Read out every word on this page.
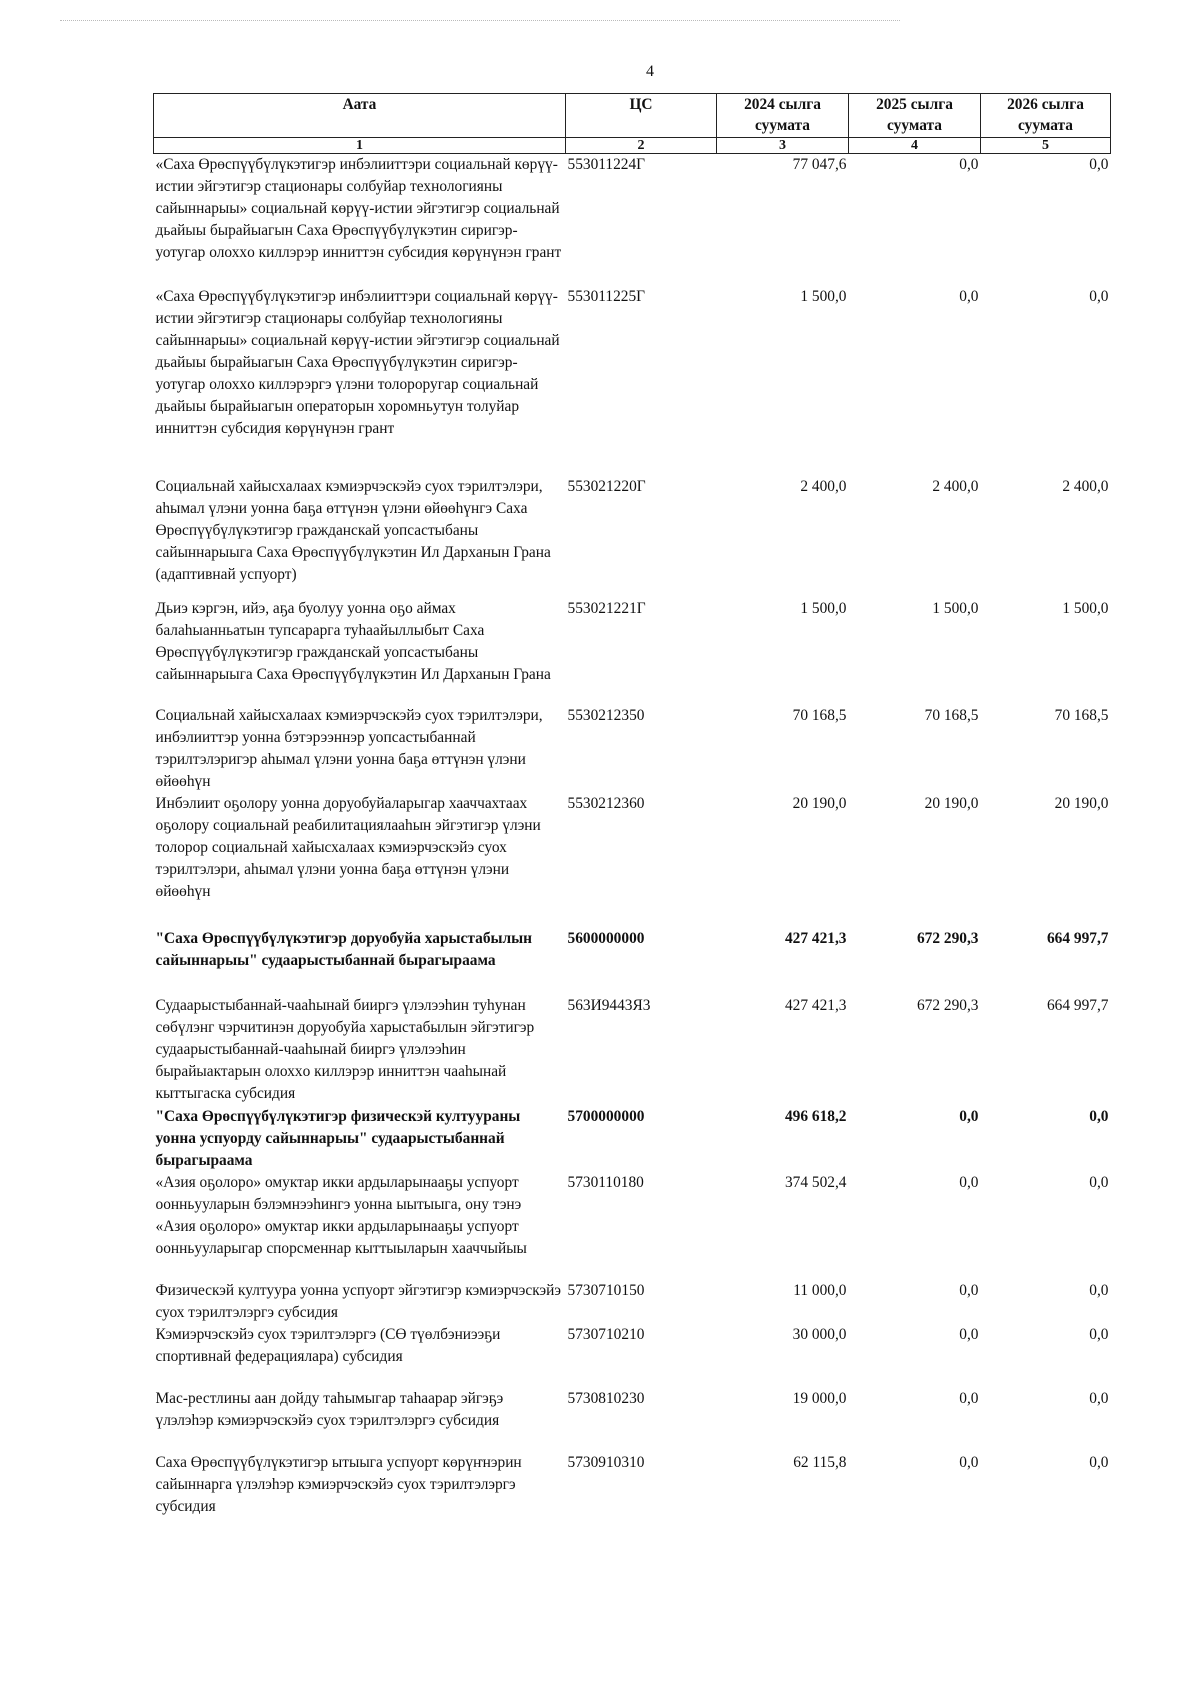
4
Аата	ЦС	2024 сылга суумата	2025 сылга суумата	2026 сылга суумата
1	2	3	4	5
«Саха Өрөспүүбүлүкэтигэр инбэлииттэри социальнай көрүү-истии эйгэтигэр стационары солбуйар технологияны сайыннарыы» социальнай көрүү-истии эйгэтигэр социальнай дьайыы бырайыагын Саха Өрөспүүбүлүкэтин сиригэр-уотугар олохxo киллэрэр инниттэн субсидия көрүнүнэн грант	553011224Г	77 047,6	0,0	0,0
«Саха Өрөспүүбүлүкэтигэр инбэлииттэри социальнай көрүү-истии эйгэтигэр стационары солбуйар технологияны сайыннарыы» социальнай көрүү-истии эйгэтигэр социальнай дьайыы бырайыагын Саха Өрөспүүбүлүкэтин сиригэр-уотугар олохxo киллэрэргэ үлэни толороругар социальнай дьайыы бырайыагын операторын хоромньутун толуйар инниттэн субсидия көрүнүнэн грант	553011225Г	1 500,0	0,0	0,0
Социальнай хайысхалаах кэмиэрчэскэйэ суох тэрилтэлэри, аһымал үлэни уонна баҕа өттүнэн үлэни өйөөһүнгэ Саха Өрөспүүбүлүкэтигэр гражданскай уопсастыбаны сайыннарыыга Саха Өрөспүүбүлүкэтин Ил Дарханын Грана (адаптивнай успуорт)	553021220Г	2 400,0	2 400,0	2 400,0
Дьиэ кэргэн, ийэ, аҕа буолуу уонна оҕо аймах балаһыанньатын тупсарарга туһаайыллыбыт Саха Өрөспүүбүлүкэтигэр гражданскай уопсастыбаны сайыннарыыга Саха Өрөспүүбүлүкэтин Ил Дарханын Грана	553021221Г	1 500,0	1 500,0	1 500,0
Социальнай хайысхалаах кэмиэрчэскэйэ суох тэрилтэлэри, инбэлииттэр уонна бэтэрээннэр уопсастыбаннай тэрилтэлэригэр аһымал үлэни уонна баҕа өттүнэн үлэни өйөөһүн	5530212350	70 168,5	70 168,5	70 168,5
Инбэлиит оҕолору уонна доруобуйаларыгар хааччахтаах оҕолору социальнай реабилитациялааһын эйгэтигэр үлэни толорор социальнай хайысхалаах кэмиэрчэскэйэ суох тэрилтэлэри, аһымал үлэни уонна баҕа өттүнэн үлэни өйөөһүн	5530212360	20 190,0	20 190,0	20 190,0
"Саха Өрөспүүбүлүкэтигэр доруобуйа харыстабылын сайыннарыы" судаарыстыбаннай бырагыраама	5600000000	427 421,3	672 290,3	664 997,7
Судаарыстыбаннай-чааһынай бииргэ үлэлээһин туһунан сөбүлэнг чэрчитинэн доруобуйа харыстабылын эйгэтигэр судаарыстыбаннай-чааһынай бииргэ үлэлээһин бырайыактарын олохxo киллэрэр инниттэн чааһынай кыттыгаска субсидия	563И9443Я3	427 421,3	672 290,3	664 997,7
"Саха Өрөспүүбүлүкэтигэр физическэй култуураны уонна успуорду сайыннарыы" судаарыстыбаннай бырагыраама	5700000000	496 618,2	0,0	0,0
«Азия оҕолоро» омуктар икки ардыларынааҕы успуорт оонньууларын бэлэмнээһингэ уонна ыытыыга, ону тэнэ «Азия оҕолоро» омуктар икки ардыларынааҕы успуорт оонньууларыгар спорсменнар кыттыыларын хааччыйыы	5730110180	374 502,4	0,0	0,0
Физическэй култуура уонна успуорт эйгэтигэр кэмиэрчэскэйэ суох тэрилтэлэргэ субсидия	5730710150	11 000,0	0,0	0,0
Кэмиэрчэскэйэ суох тэрилтэлэргэ (СӨ түөлбэниээҕи спортивнай федерациялара) субсидия	5730710210	30 000,0	0,0	0,0
Мас-рестлины аан дойду таһымыгар таһаарар эйгэҕэ үлэлэһэр кэмиэрчэскэйэ суох тэрилтэлэргэ субсидия	5730810230	19 000,0	0,0	0,0
Саха Өрөспүүбүлүкэтигэр ытыыга успуорт көрүҥнэрин сайыннарга үлэлэһэр кэмиэрчэскэйэ суох тэрилтэлэргэ субсидия	5730910310	62 115,8	0,0	0,0
